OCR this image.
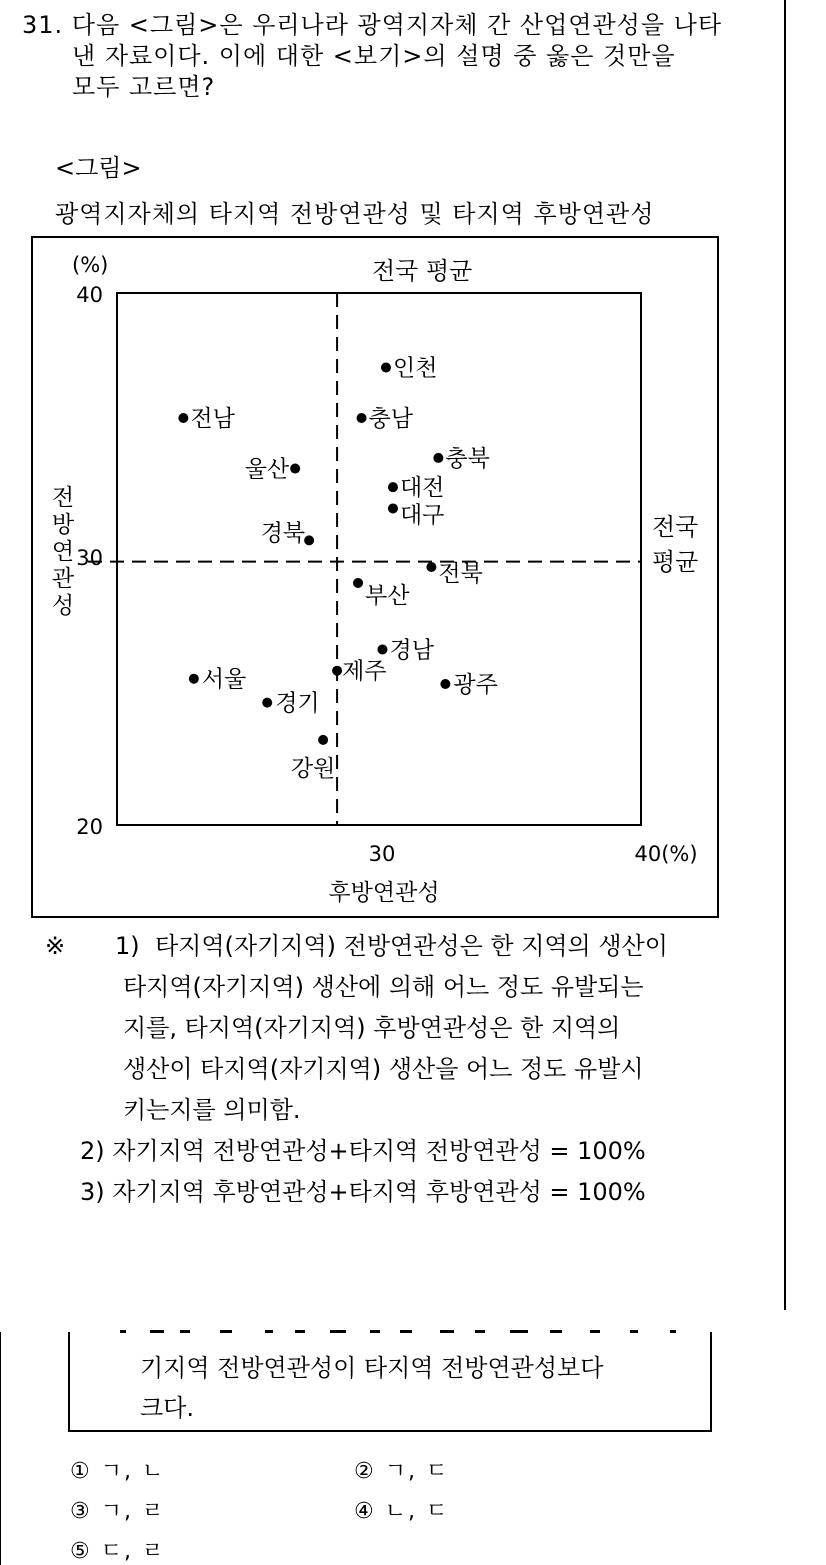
31. 다음 <그림>은 우리나라 광역지자체 간 산업연관성을 나타
낸 자료이다. 이에 대한 <보기>의 설명 중 옳은 것만을
모두 고르면?
<그림>
광역지자체의 타지역 전방연관성 및 타지역 후방연관성
(%)	전국 평균
전국
평균
40
30
20
30	40(%)
후방연관성
전
방
연
관
성
인천
전남	충남
충북
울산
대전
대구
경북
전북
부산
경남
서울	제주
광주
경기
강원
※	1) 타지역(자기지역) 전방연관성은 한 지역의 생산이
타지역(자기지역) 생산에 의해 어느 정도 유발되는
지를, 타지역(자기지역) 후방연관성은 한 지역의
생산이 타지역(자기지역) 생산을 어느 정도 유발시
키는지를 의미함.
2) 자기지역 전방연관성+타지역 전방연관성 = 100%
3) 자기지역 후방연관성+타지역 후방연관성 = 100%
기지역 전방연관성이 타지역 전방연관성보다
크다.
① ㄱ, ㄴ	② ㄱ, ㄷ
③ ㄱ, ㄹ	④ ㄴ, ㄷ
⑤ ㄷ, ㄹ
